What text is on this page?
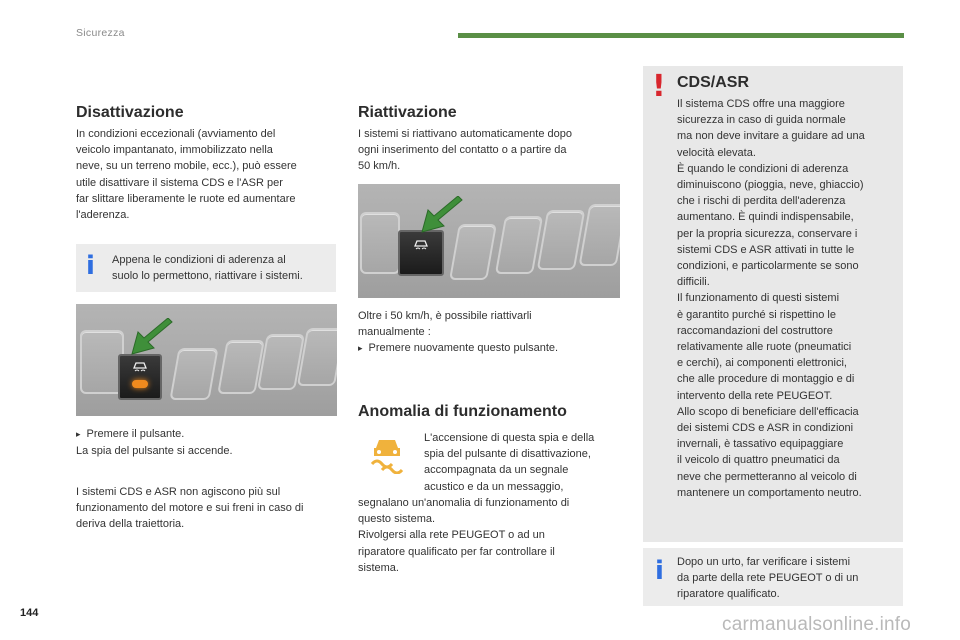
Sicurezza
Disattivazione

In condizioni eccezionali (avviamento del

veicolo impantanato, immobilizzato nella

neve, su un terreno mobile, ecc.), può essere

utile disattivare il sistema CDS e l'ASR per

far slittare liberamente le ruote ed aumentare

l'aderenza.

i Appena le condizioni di aderenza al

suolo lo permettono, riattivare i sistemi.

▸ Premere il pulsante.

La spia del pulsante si accende.

I sistemi CDS e ASR non agiscono più sul

funzionamento del motore e sui freni in caso di

deriva della traiettoria.

Riattivazione

I sistemi si riattivano automaticamente dopo

ogni inserimento del contatto o a partire da

50 km/h.

Oltre i 50 km/h, è possibile riattivarli

manualmente :

▸ Premere nuovamente questo pulsante.

Anomalia di funzionamento

L'accensione di questa spia e della

spia del pulsante di disattivazione,

accompagnata da un segnale

acustico e da un messaggio,

segnalano un'anomalia di funzionamento di

questo sistema.

Rivolgersi alla rete PEUGEOT o ad un

riparatore qualificato per far controllare il

sistema.

! CDS/ASR

Il sistema CDS offre una maggiore

sicurezza in caso di guida normale

ma non deve invitare a guidare ad una

velocità elevata.

È quando le condizioni di aderenza

diminuiscono (pioggia, neve, ghiaccio)

che i rischi di perdita dell'aderenza

aumentano. È quindi indispensabile,

per la propria sicurezza, conservare i

sistemi CDS e ASR attivati in tutte le

condizioni, e particolarmente se sono

difficili.

Il funzionamento di questi sistemi

è garantito purché si rispettino le

raccomandazioni del costruttore

relativamente alle ruote (pneumatici

e cerchi), ai componenti elettronici,

che alle procedure di montaggio e di

intervento della rete PEUGEOT.

Allo scopo di beneficiare dell'efficacia

dei sistemi CDS e ASR in condizioni

invernali, è tassativo equipaggiare

il veicolo di quattro pneumatici da

neve che permetteranno al veicolo di

mantenere un comportamento neutro.

i Dopo un urto, far verificare i sistemi

da parte della rete PEUGEOT o di un

riparatore qualificato.

144
carmanualsonline.info
